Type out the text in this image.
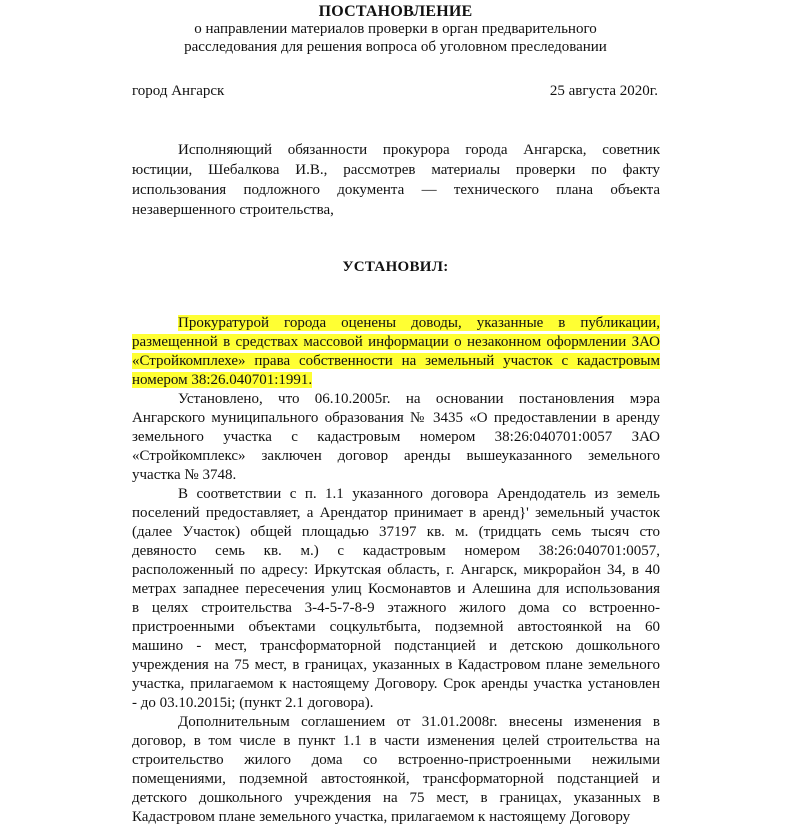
ПОСТАНОВЛЕНИЕ
о направлении материалов проверки в орган предварительного
расследования для решения вопроса об уголовном преследовании
город Ангарск	25 августа 2020г.
Исполняющий обязанности прокурора города Ангарска, советник
юстиции, Шебалкова И.В., рассмотрев материалы проверки по факту
использования подложного документа — технического плана объекта
незавершенного строительства,
УСТАНОВИЛ:
Прокуратурой города оценены доводы, указанные в публикации,
размещенной в средствах массовой информации о незаконном оформлении ЗАО
«Стройкомплехе» права собственности на земельный участок с кадастровым
номером 38:26.040701:1991.
Установлено, что 06.10.2005г. на основании постановления мэра
Ангарского муниципального образования № 3435 «О предоставлении в аренду
земельного участка с кадастровым номером 38:26:040701:0057 ЗАО
«Стройкомплекс» заключен договор аренды вышеуказанного земельного
участка № 3748.
В соответствии с п. 1.1 указанного договора Арендодатель из земель
поселений предоставляет, а Арендатор принимает в аренд}' земельный участок
(далее Участок) общей площадью 37197 кв. м. (тридцать семь тысяч сто
девяносто семь кв. м.) с кадастровым номером 38:26:040701:0057,
расположенный по адресу: Иркутская область, г. Ангарск, микрорайон 34, в 40
метрах западнее пересечения улиц Космонавтов и Алешина для использования
в целях строительства 3-4-5-7-8-9 этажного жилого дома со встроенно-
пристроенными объектами соцкультбыта, подземной автостоянкой на 60
машино - мест, трансформаторной подстанцией и детскою дошкольного
учреждения на 75 мест, в границах, указанных в Кадастровом плане земельного
участка, прилагаемом к настоящему Договору. Срок аренды участка установлен
- до 03.10.2015i; (пункт 2.1 договора).
Дополнительным соглашением от 31.01.2008г. внесены изменения в
договор, в том числе в пункт 1.1 в части изменения целей строительства на
строительство жилого дома со встроенно-пристроенными нежилыми
помещениями, подземной автостоянкой, трансформаторной подстанцией и
детского дошкольного учреждения на 75 мест, в границах, указанных в
Кадастровом плане земельного участка, прилагаемом к настоящему Договору
